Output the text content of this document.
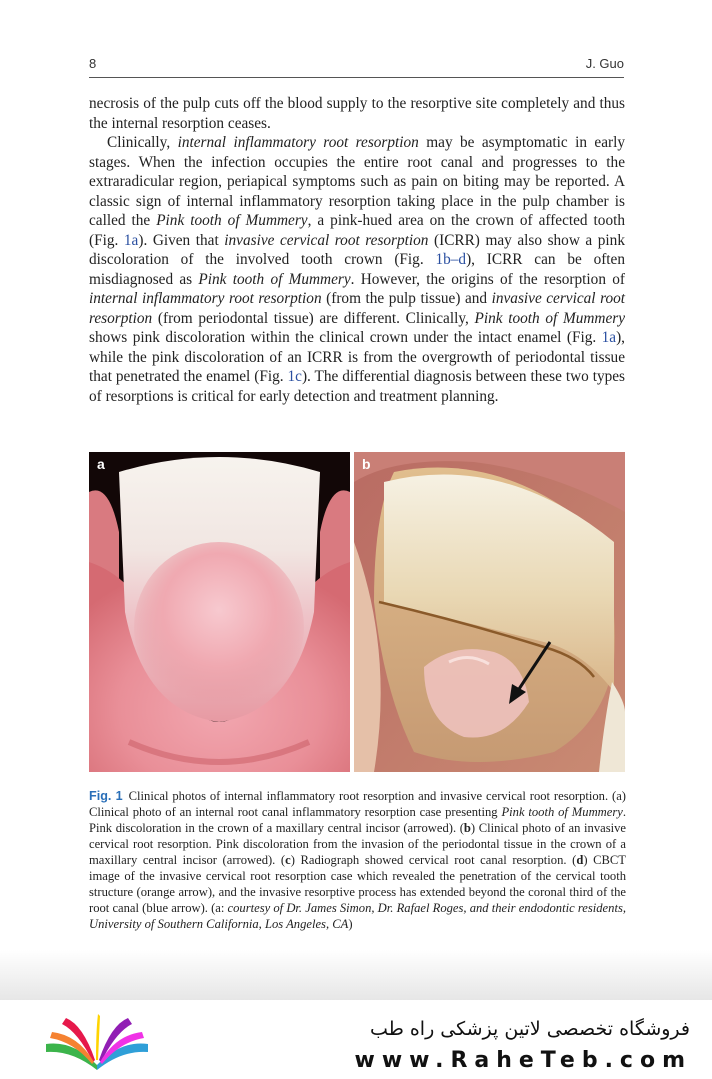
8	J. Guo

necrosis of the pulp cuts off the blood supply to the resorptive site completely and thus the internal resorption ceases.

Clinically, internal inflammatory root resorption may be asymptomatic in early stages. When the infection occupies the entire root canal and progresses to the extraradicular region, periapical symptoms such as pain on biting may be reported. A classic sign of internal inflammatory resorption taking place in the pulp chamber is called the Pink tooth of Mummery, a pink-hued area on the crown of affected tooth (Fig. 1a). Given that invasive cervical root resorption (ICRR) may also show a pink discoloration of the involved tooth crown (Fig. 1b–d), ICRR can be often misdiagnosed as Pink tooth of Mummery. However, the origins of the resorption of internal inflammatory root resorption (from the pulp tissue) and invasive cervical root resorption (from periodontal tissue) are different. Clinically, Pink tooth of Mummery shows pink discoloration within the clinical crown under the intact enamel (Fig. 1a), while the pink discoloration of an ICRR is from the overgrowth of periodontal tissue that penetrated the enamel (Fig. 1c). The differential diagnosis between these two types of resorptions is critical for early detection and treatment planning.

a	b
Fig. 1 Clinical photos of internal inflammatory root resorption and invasive cervical root resorption. (a) Clinical photo of an internal root canal inflammatory resorption case presenting Pink tooth of Mummery. Pink discoloration in the crown of a maxillary central incisor (arrowed). (b) Clinical photo of an invasive cervical root resorption. Pink discoloration from the invasion of the periodontal tissue in the crown of a maxillary central incisor (arrowed). (c) Radiograph showed cervical root canal resorption. (d) CBCT image of the invasive cervical root resorption case which revealed the penetration of the cervical tooth structure (orange arrow), and the invasive resorptive process has extended beyond the coronal third of the root canal (blue arrow). (a: courtesy of Dr. James Simon, Dr. Rafael Roges, and their endodontic residents, University of Southern California, Los Angeles, CA)
فروشگاه تخصصی لاتین پزشکی راه طب
www.RaheTeb.com
